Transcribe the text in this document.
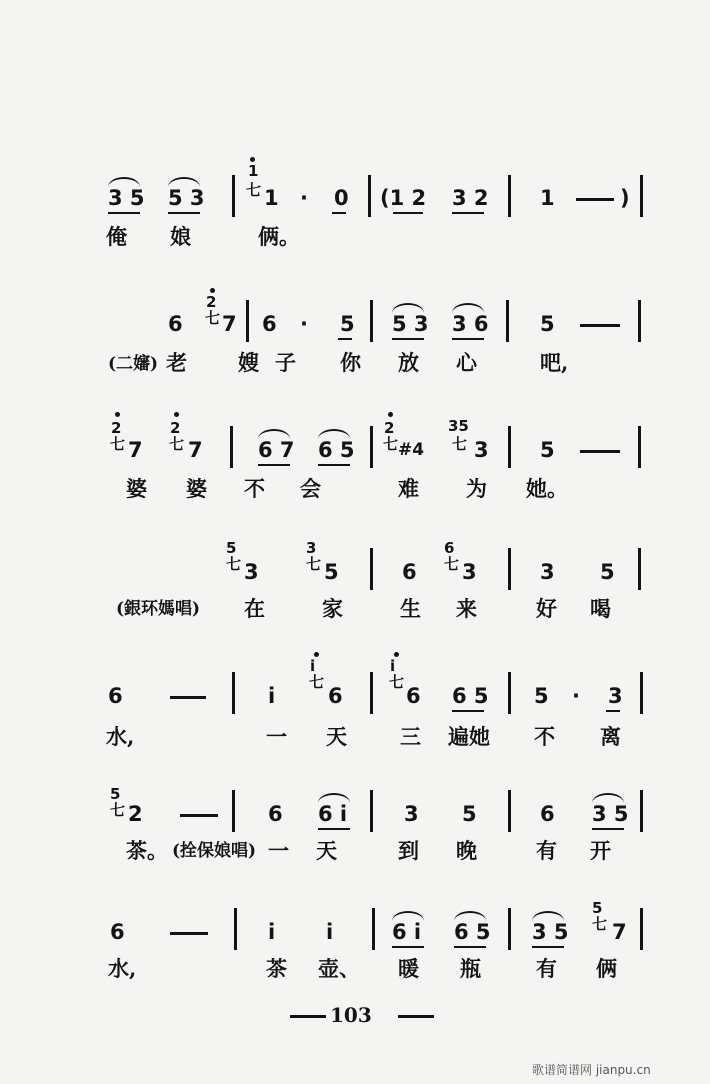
3 5 5 3
1
七 1 · 0 (1 2 3 2 1	)
俺 娘	俩。
6
2
七 7 6 · 5 5 3 3 6 5
(二嬸) 老 嫂子 你 放 心	吧,
2
七 7
2
七 7	6 7 6 5
2
七 #4
35
七 3 5
婆 婆 不 会	难 为 她。
5
七 3
3
七 5	6
6
七 3	3 5
(銀环媽唱) 在	家	生 来	好 喝
6	i
i
七
6
i
七
6 6 5 5 · 3
水,	一 天	三 遍她 不 离
5
七 2	6 6 i	3 5	6 3 5
茶。 (拴保娘唱) 一 天	到 晚	有 开
6	i i	6 i 6 5 3 5
5
七 7
水,	茶 壶、 暖 瓶	有 俩
103
歌谱简谱网 jianpu.cn
